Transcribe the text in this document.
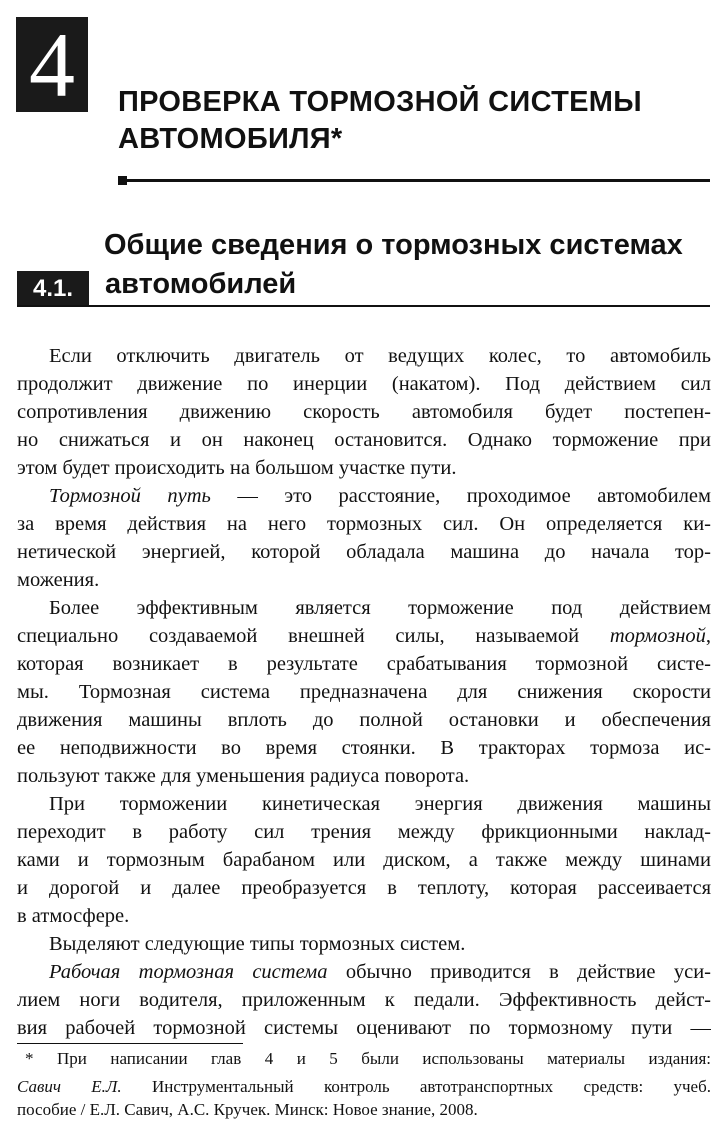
4	ПРОВЕРКА ТОРМОЗНОЙ СИСТЕМЫ
АВТОМОБИЛЯ*
Общие сведения о тормозных системах
автомобилей
4.1.
Если отключить двигатель от ведущих колес, то автомобиль
продолжит движение по инерции (накатом). Под действием сил
сопротивления движению скорость автомобиля будет постепен-
но снижаться и он наконец остановится. Однако торможение при
этом будет происходить на большом участке пути.
Тормозной путь — это расстояние, проходимое автомобилем
за время действия на него тормозных сил. Он определяется ки-
нетической энергией, которой обладала машина до начала тор-
можения.
Более эффективным является торможение под действием
специально создаваемой внешней силы, называемой тормозной,
которая возникает в результате срабатывания тормозной систе-
мы. Тормозная система предназначена для снижения скорости
движения машины вплоть до полной остановки и обеспечения
ее неподвижности во время стоянки. В тракторах тормоза ис-
пользуют также для уменьшения радиуса поворота.
При торможении кинетическая энергия движения машины
переходит в работу сил трения между фрикционными наклад-
ками и тормозным барабаном или диском, а также между шинами
и дорогой и далее преобразуется в теплоту, которая рассеивается
в атмосфере.
Выделяют следующие типы тормозных систем.
Рабочая тормозная система обычно приводится в действие уси-
лием ноги водителя, приложенным к педали. Эффективность дейст-
вия рабочей тормозной системы оценивают по тормозному пути —
* При написании глав 4 и 5 были использованы материалы издания:
Савич Е.Л. Инструментальный контроль автотранспортных средств: учеб.
пособие / Е.Л. Савич, А.С. Кручек. Минск: Новое знание, 2008.
